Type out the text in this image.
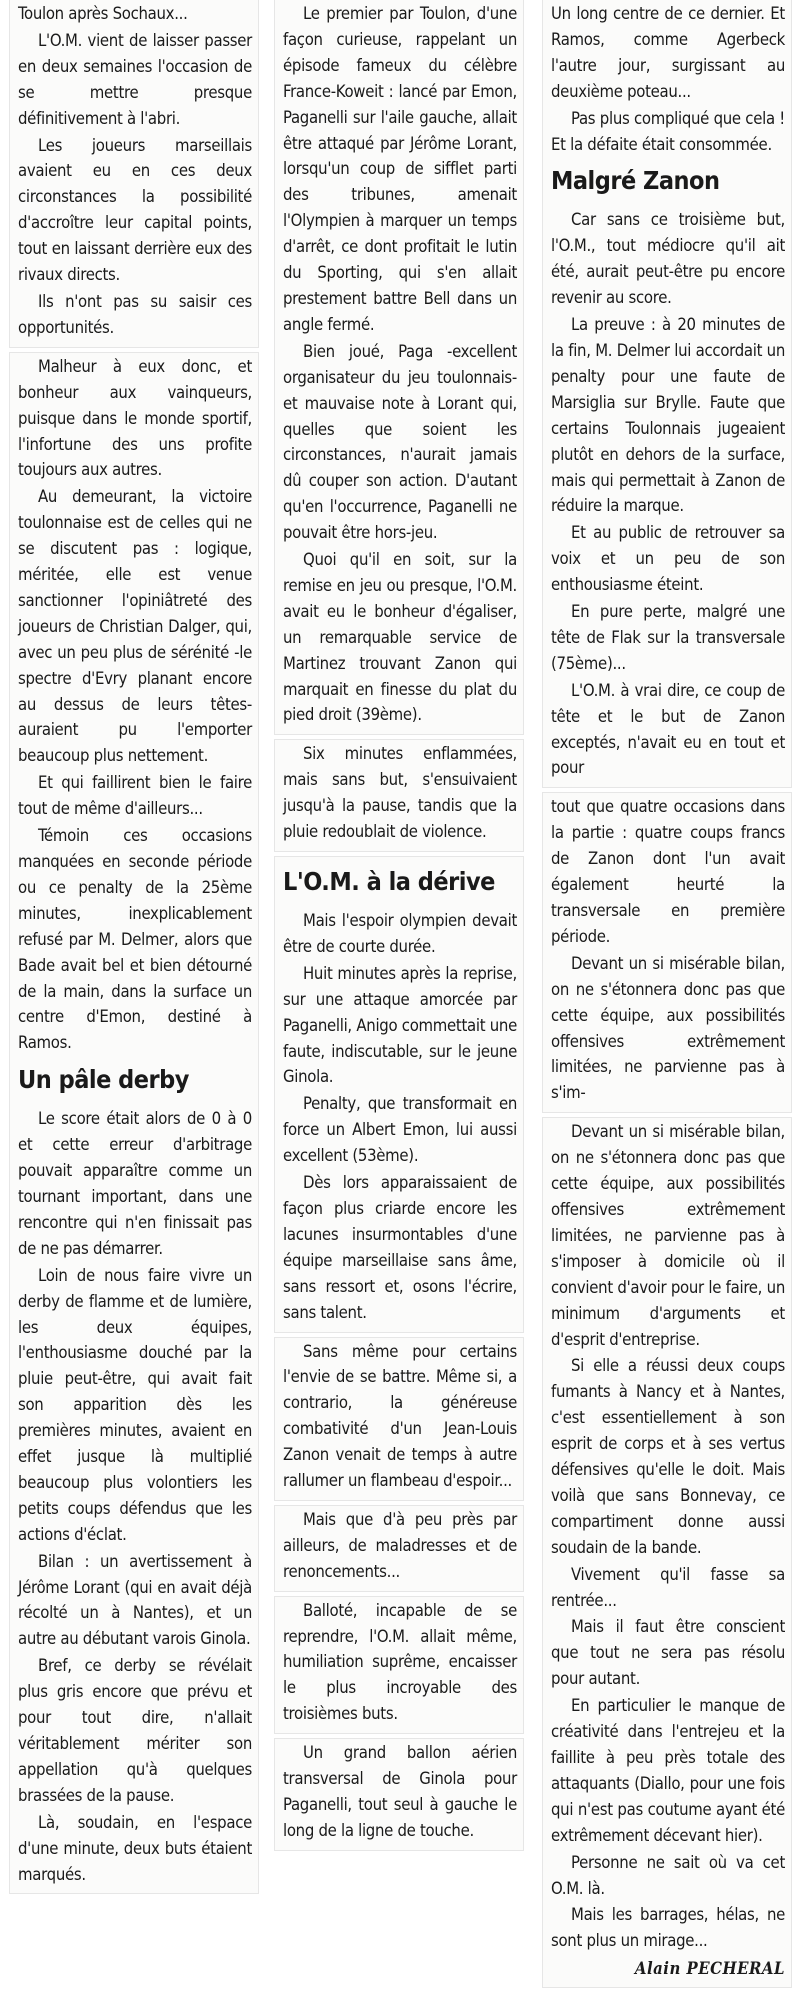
Toulon après Sochaux...

L'O.M. vient de laisser passer en deux semaines l'occasion de se mettre presque définitivement à l'abri.

Les joueurs marseillais avaient eu en ces deux circonstances la possibilité d'accroître leur capital points, tout en laissant derrière eux des rivaux directs.

Ils n'ont pas su saisir ces opportunités.

Malheur à eux donc, et bonheur aux vainqueurs, puisque dans le monde sportif, l'infortune des uns profite toujours aux autres.

Au demeurant, la victoire toulonnaise est de celles qui ne se discutent pas : logique, méritée, elle est venue sanctionner l'opiniâtreté des joueurs de Christian Dalger, qui, avec un peu plus de sérénité -le spectre d'Evry planant encore au dessus de leurs têtes- auraient pu l'emporter beaucoup plus nettement.

Et qui faillirent bien le faire tout de même d'ailleurs...

Témoin ces occasions manquées en seconde période ou ce penalty de la 25ème minutes, inexplicablement refusé par M. Delmer, alors que Bade avait bel et bien détourné de la main, dans la surface un centre d'Emon, destiné à Ramos.

Un pâle derby

Le score était alors de 0 à 0 et cette erreur d'arbitrage pouvait apparaître comme un tournant important, dans une rencontre qui n'en finissait pas de ne pas démarrer.

Loin de nous faire vivre un derby de flamme et de lumière, les deux équipes, l'enthousiasme douché par la pluie peut-être, qui avait fait son apparition dès les premières minutes, avaient en effet jusque là multiplié beaucoup plus volontiers les petits coups défendus que les actions d'éclat.

Bilan : un avertissement à Jérôme Lorant (qui en avait déjà récolté un à Nantes), et un autre au débutant varois Ginola.

Bref, ce derby se révélait plus gris encore que prévu et pour tout dire, n'allait véritablement mériter son appellation qu'à quelques brassées de la pause.

Là, soudain, en l'espace d'une minute, deux buts étaient marqués.

Le premier par Toulon, d'une façon curieuse, rappelant un épisode fameux du célèbre France-Koweit : lancé par Emon, Paganelli sur l'aile gauche, allait être attaqué par Jérôme Lorant, lorsqu'un coup de sifflet parti des tribunes, amenait l'Olympien à marquer un temps d'arrêt, ce dont profitait le lutin du Sporting, qui s'en allait prestement battre Bell dans un angle fermé.

Bien joué, Paga -excellent organisateur du jeu toulonnais- et mauvaise note à Lorant qui, quelles que soient les circonstances, n'aurait jamais dû couper son action. D'autant qu'en l'occurrence, Paganelli ne pouvait être hors-jeu.

Quoi qu'il en soit, sur la remise en jeu ou presque, l'O.M. avait eu le bonheur d'égaliser, un remarquable service de Martinez trouvant Zanon qui marquait en finesse du plat du pied droit (39ème).

Six minutes enflammées, mais sans but, s'ensuivaient jusqu'à la pause, tandis que la pluie redoublait de violence.

L'O.M. à la dérive

Mais l'espoir olympien devait être de courte durée.

Huit minutes après la reprise, sur une attaque amorcée par Paganelli, Anigo commettait une faute, indiscutable, sur le jeune Ginola.

Penalty, que transformait en force un Albert Emon, lui aussi excellent (53ème).

Dès lors apparaissaient de façon plus criarde encore les lacunes insurmontables d'une équipe marseillaise sans âme, sans ressort et, osons l'écrire, sans talent.

Sans même pour certains l'envie de se battre. Même si, a contrario, la généreuse combativité d'un Jean-Louis Zanon venait de temps à autre rallumer un flambeau d'espoir...

Mais que d'à peu près par ailleurs, de maladresses et de renoncements...

Balloté, incapable de se reprendre, l'O.M. allait même, humiliation suprême, encaisser le plus incroyable des troisièmes buts.

Un grand ballon aérien transversal de Ginola pour Paganelli, tout seul à gauche le long de la ligne de touche.

Un long centre de ce dernier. Et Ramos, comme Agerbeck l'autre jour, surgissant au deuxième poteau...

Pas plus compliqué que cela ! Et la défaite était consommée.

Malgré Zanon

Car sans ce troisième but, l'O.M., tout médiocre qu'il ait été, aurait peut-être pu encore revenir au score.

La preuve : à 20 minutes de la fin, M. Delmer lui accordait un penalty pour une faute de Marsiglia sur Brylle. Faute que certains Toulonnais jugeaient plutôt en dehors de la surface, mais qui permettait à Zanon de réduire la marque.

Et au public de retrouver sa voix et un peu de son enthousiasme éteint.

En pure perte, malgré une tête de Flak sur la transversale (75ème)...

L'O.M. à vrai dire, ce coup de tête et le but de Zanon exceptés, n'avait eu en tout et pour

tout que quatre occasions dans la partie : quatre coups francs de Zanon dont l'un avait également heurté la transversale en première période.

Devant un si misérable bilan, on ne s'étonnera donc pas que cette équipe, aux possibilités offensives extrêmement limitées, ne parvienne pas à s'im-

Devant un si misérable bilan, on ne s'étonnera donc pas que cette équipe, aux possibilités offensives extrêmement limitées, ne parvienne pas à s'imposer à domicile où il convient d'avoir pour le faire, un minimum d'arguments et d'esprit d'entreprise.

Si elle a réussi deux coups fumants à Nancy et à Nantes, c'est essentiellement à son esprit de corps et à ses vertus défensives qu'elle le doit. Mais voilà que sans Bonnevay, ce compartiment donne aussi soudain de la bande.

Vivement qu'il fasse sa rentrée...

Mais il faut être conscient que tout ne sera pas résolu pour autant.

En particulier le manque de créativité dans l'entrejeu et la faillite à peu près totale des attaquants (Diallo, pour une fois qui n'est pas coutume ayant été extrêmement décevant hier).

Personne ne sait où va cet O.M. là.

Mais les barrages, hélas, ne sont plus un mirage...

Alain PECHERAL
